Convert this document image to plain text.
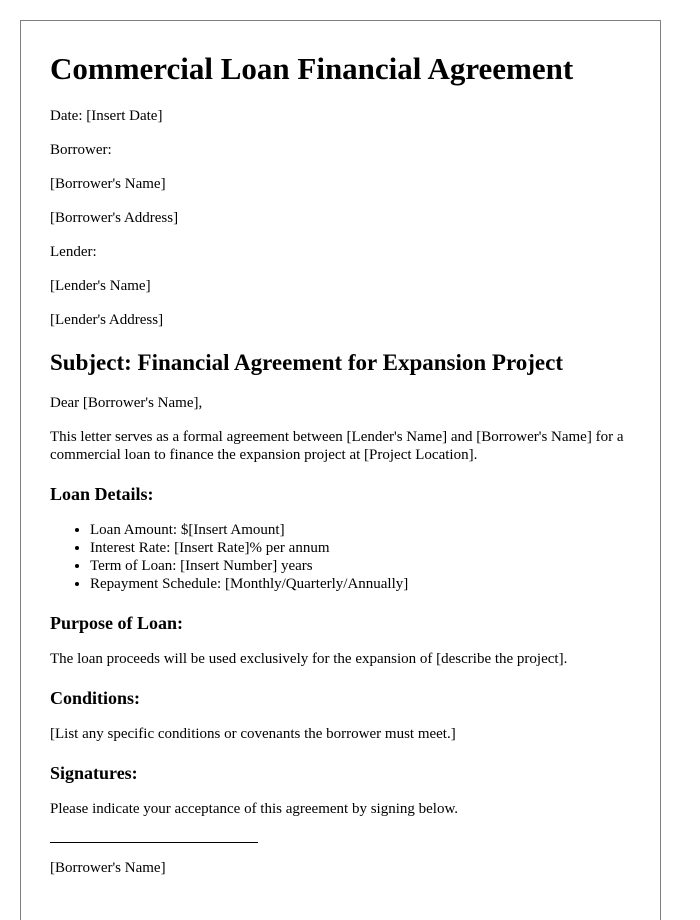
Commercial Loan Financial Agreement

Date: [Insert Date]

Borrower:

[Borrower's Name]

[Borrower's Address]

Lender:

[Lender's Name]

[Lender's Address]

Subject: Financial Agreement for Expansion Project

Dear [Borrower's Name],

This letter serves as a formal agreement between [Lender's Name] and [Borrower's Name] for a commercial loan to finance the expansion project at [Project Location].

Loan Details:
• Loan Amount: $[Insert Amount]
• Interest Rate: [Insert Rate]% per annum
• Term of Loan: [Insert Number] years
• Repayment Schedule: [Monthly/Quarterly/Annually]
Purpose of Loan:

The loan proceeds will be used exclusively for the expansion of [describe the project].

Conditions:

[List any specific conditions or covenants the borrower must meet.]

Signatures:

Please indicate your acceptance of this agreement by signing below.

[Borrower's Name]
